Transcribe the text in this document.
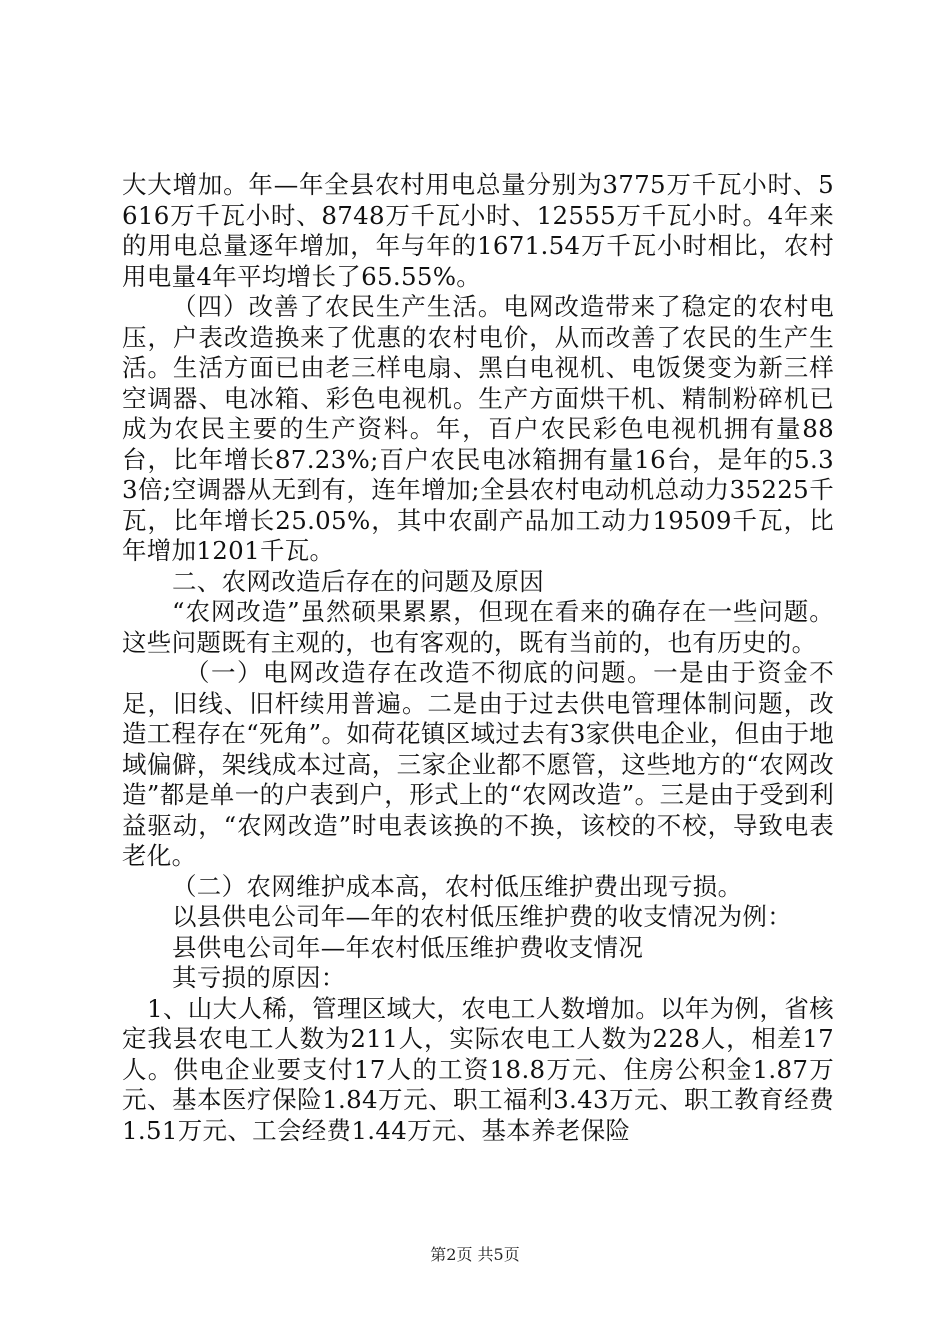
大大增加。年—年全县农村用电总量分别为3775万千瓦小时、5616万千瓦小时、8748万千瓦小时、12555万千瓦小时。4年来的用电总量逐年增加，年与年的1671.54万千瓦小时相比，农村用电量4年平均增长了65.55%。

（四）改善了农民生产生活。电网改造带来了稳定的农村电压，户表改造换来了优惠的农村电价，从而改善了农民的生产生活。生活方面已由老三样电扇、黑白电视机、电饭煲变为新三样空调器、电冰箱、彩色电视机。生产方面烘干机、精制粉碎机已成为农民主要的生产资料。年，百户农民彩色电视机拥有量88台，比年增长87.23%;百户农民电冰箱拥有量16台，是年的5.33倍;空调器从无到有，连年增加;全县农村电动机总动力35225千瓦，比年增长25.05%，其中农副产品加工动力19509千瓦，比年增加1201千瓦。

二、农网改造后存在的问题及原因

“农网改造”虽然硕果累累，但现在看来的确存在一些问题。这些问题既有主观的，也有客观的，既有当前的，也有历史的。

（一）电网改造存在改造不彻底的问题。一是由于资金不足，旧线、旧杆续用普遍。二是由于过去供电管理体制问题，改造工程存在“死角”。如荷花镇区域过去有3家供电企业，但由于地域偏僻，架线成本过高，三家企业都不愿管，这些地方的“农网改造”都是单一的户表到户，形式上的“农网改造”。三是由于受到利益驱动，“农网改造”时电表该换的不换，该校的不校，导致电表老化。

（二）农网维护成本高，农村低压维护费出现亏损。

以县供电公司年—年的农村低压维护费的收支情况为例：

县供电公司年—年农村低压维护费收支情况

其亏损的原因：

1、山大人稀，管理区域大，农电工人数增加。以年为例，省核定我县农电工人数为211人，实际农电工人数为228人，相差17人。供电企业要支付17人的工资18.8万元、住房公积金1.87万元、基本医疗保险1.84万元、职工福利3.43万元、职工教育经费1.51万元、工会经费1.44万元、基本养老保险

第2页 共5页
